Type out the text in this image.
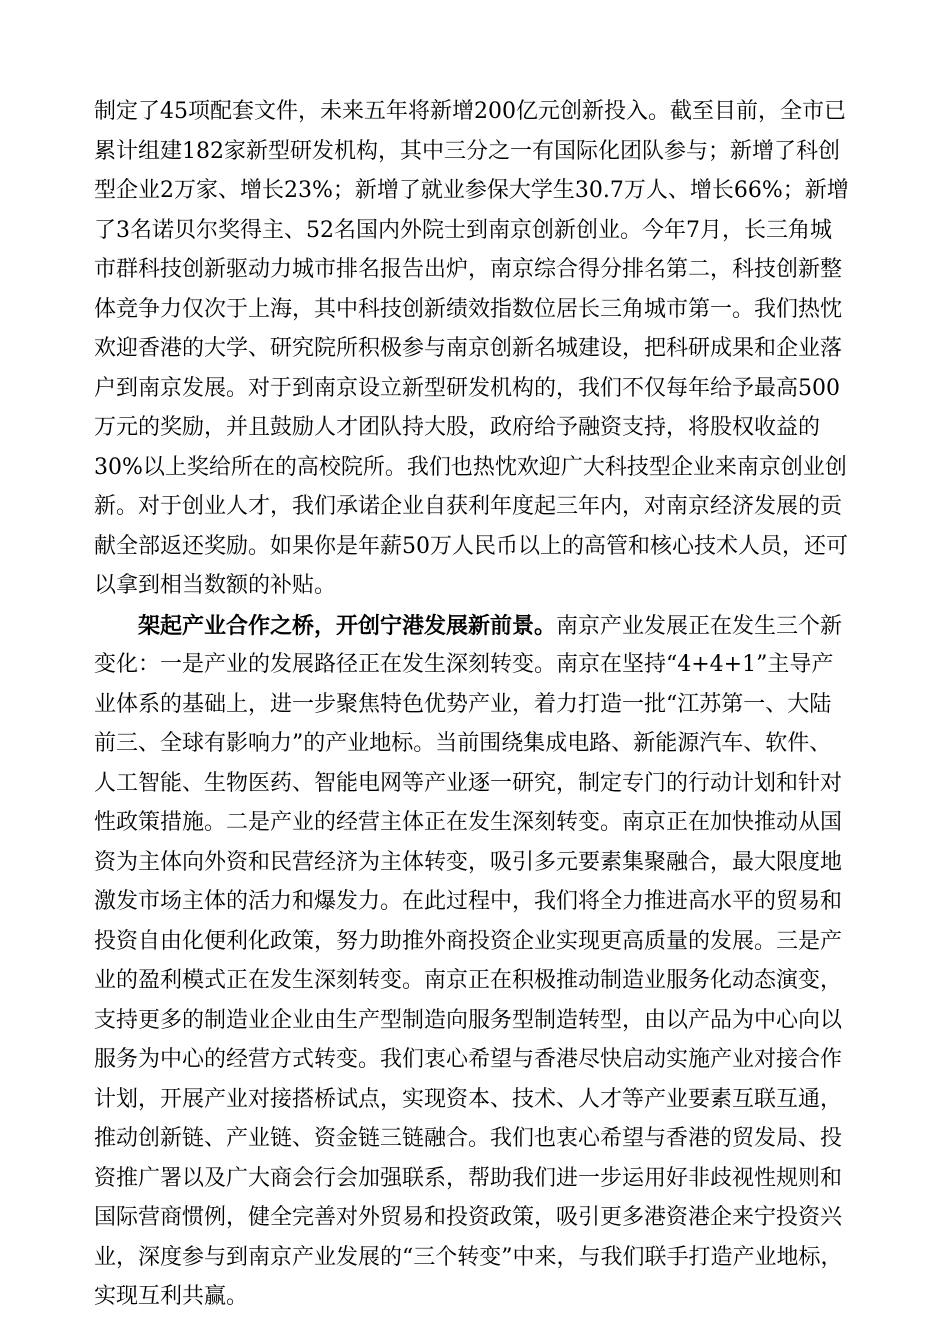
制定了45项配套文件，未来五年将新增200亿元创新投入。截至目前，全市已
累计组建182家新型研发机构，其中三分之一有国际化团队参与；新增了科创
型企业2万家、增长23%；新增了就业参保大学生30.7万人、增长66%；新增
了3名诺贝尔奖得主、52名国内外院士到南京创新创业。今年7月，长三角城
市群科技创新驱动力城市排名报告出炉，南京综合得分排名第二，科技创新整
体竞争力仅次于上海，其中科技创新绩效指数位居长三角城市第一。我们热忱
欢迎香港的大学、研究院所积极参与南京创新名城建设，把科研成果和企业落
户到南京发展。对于到南京设立新型研发机构的，我们不仅每年给予最高500
万元的奖励，并且鼓励人才团队持大股，政府给予融资支持，将股权收益的
30%以上奖给所在的高校院所。我们也热忱欢迎广大科技型企业来南京创业创
新。对于创业人才，我们承诺企业自获利年度起三年内，对南京经济发展的贡
献全部返还奖励。如果你是年薪50万人民币以上的高管和核心技术人员，还可
以拿到相当数额的补贴。
架起产业合作之桥，开创宁港发展新前景。南京产业发展正在发生三个新
变化：一是产业的发展路径正在发生深刻转变。南京在坚持“4+4+1”主导产
业体系的基础上，进一步聚焦特色优势产业，着力打造一批“江苏第一、大陆
前三、全球有影响力”的产业地标。当前围绕集成电路、新能源汽车、软件、
人工智能、生物医药、智能电网等产业逐一研究，制定专门的行动计划和针对
性政策措施。二是产业的经营主体正在发生深刻转变。南京正在加快推动从国
资为主体向外资和民营经济为主体转变，吸引多元要素集聚融合，最大限度地
激发市场主体的活力和爆发力。在此过程中，我们将全力推进高水平的贸易和
投资自由化便利化政策，努力助推外商投资企业实现更高质量的发展。三是产
业的盈利模式正在发生深刻转变。南京正在积极推动制造业服务化动态演变，
支持更多的制造业企业由生产型制造向服务型制造转型，由以产品为中心向以
服务为中心的经营方式转变。我们衷心希望与香港尽快启动实施产业对接合作
计划，开展产业对接搭桥试点，实现资本、技术、人才等产业要素互联互通，
推动创新链、产业链、资金链三链融合。我们也衷心希望与香港的贸发局、投
资推广署以及广大商会行会加强联系，帮助我们进一步运用好非歧视性规则和
国际营商惯例，健全完善对外贸易和投资政策，吸引更多港资港企来宁投资兴
业，深度参与到南京产业发展的“三个转变”中来，与我们联手打造产业地标，
实现互利共赢。
